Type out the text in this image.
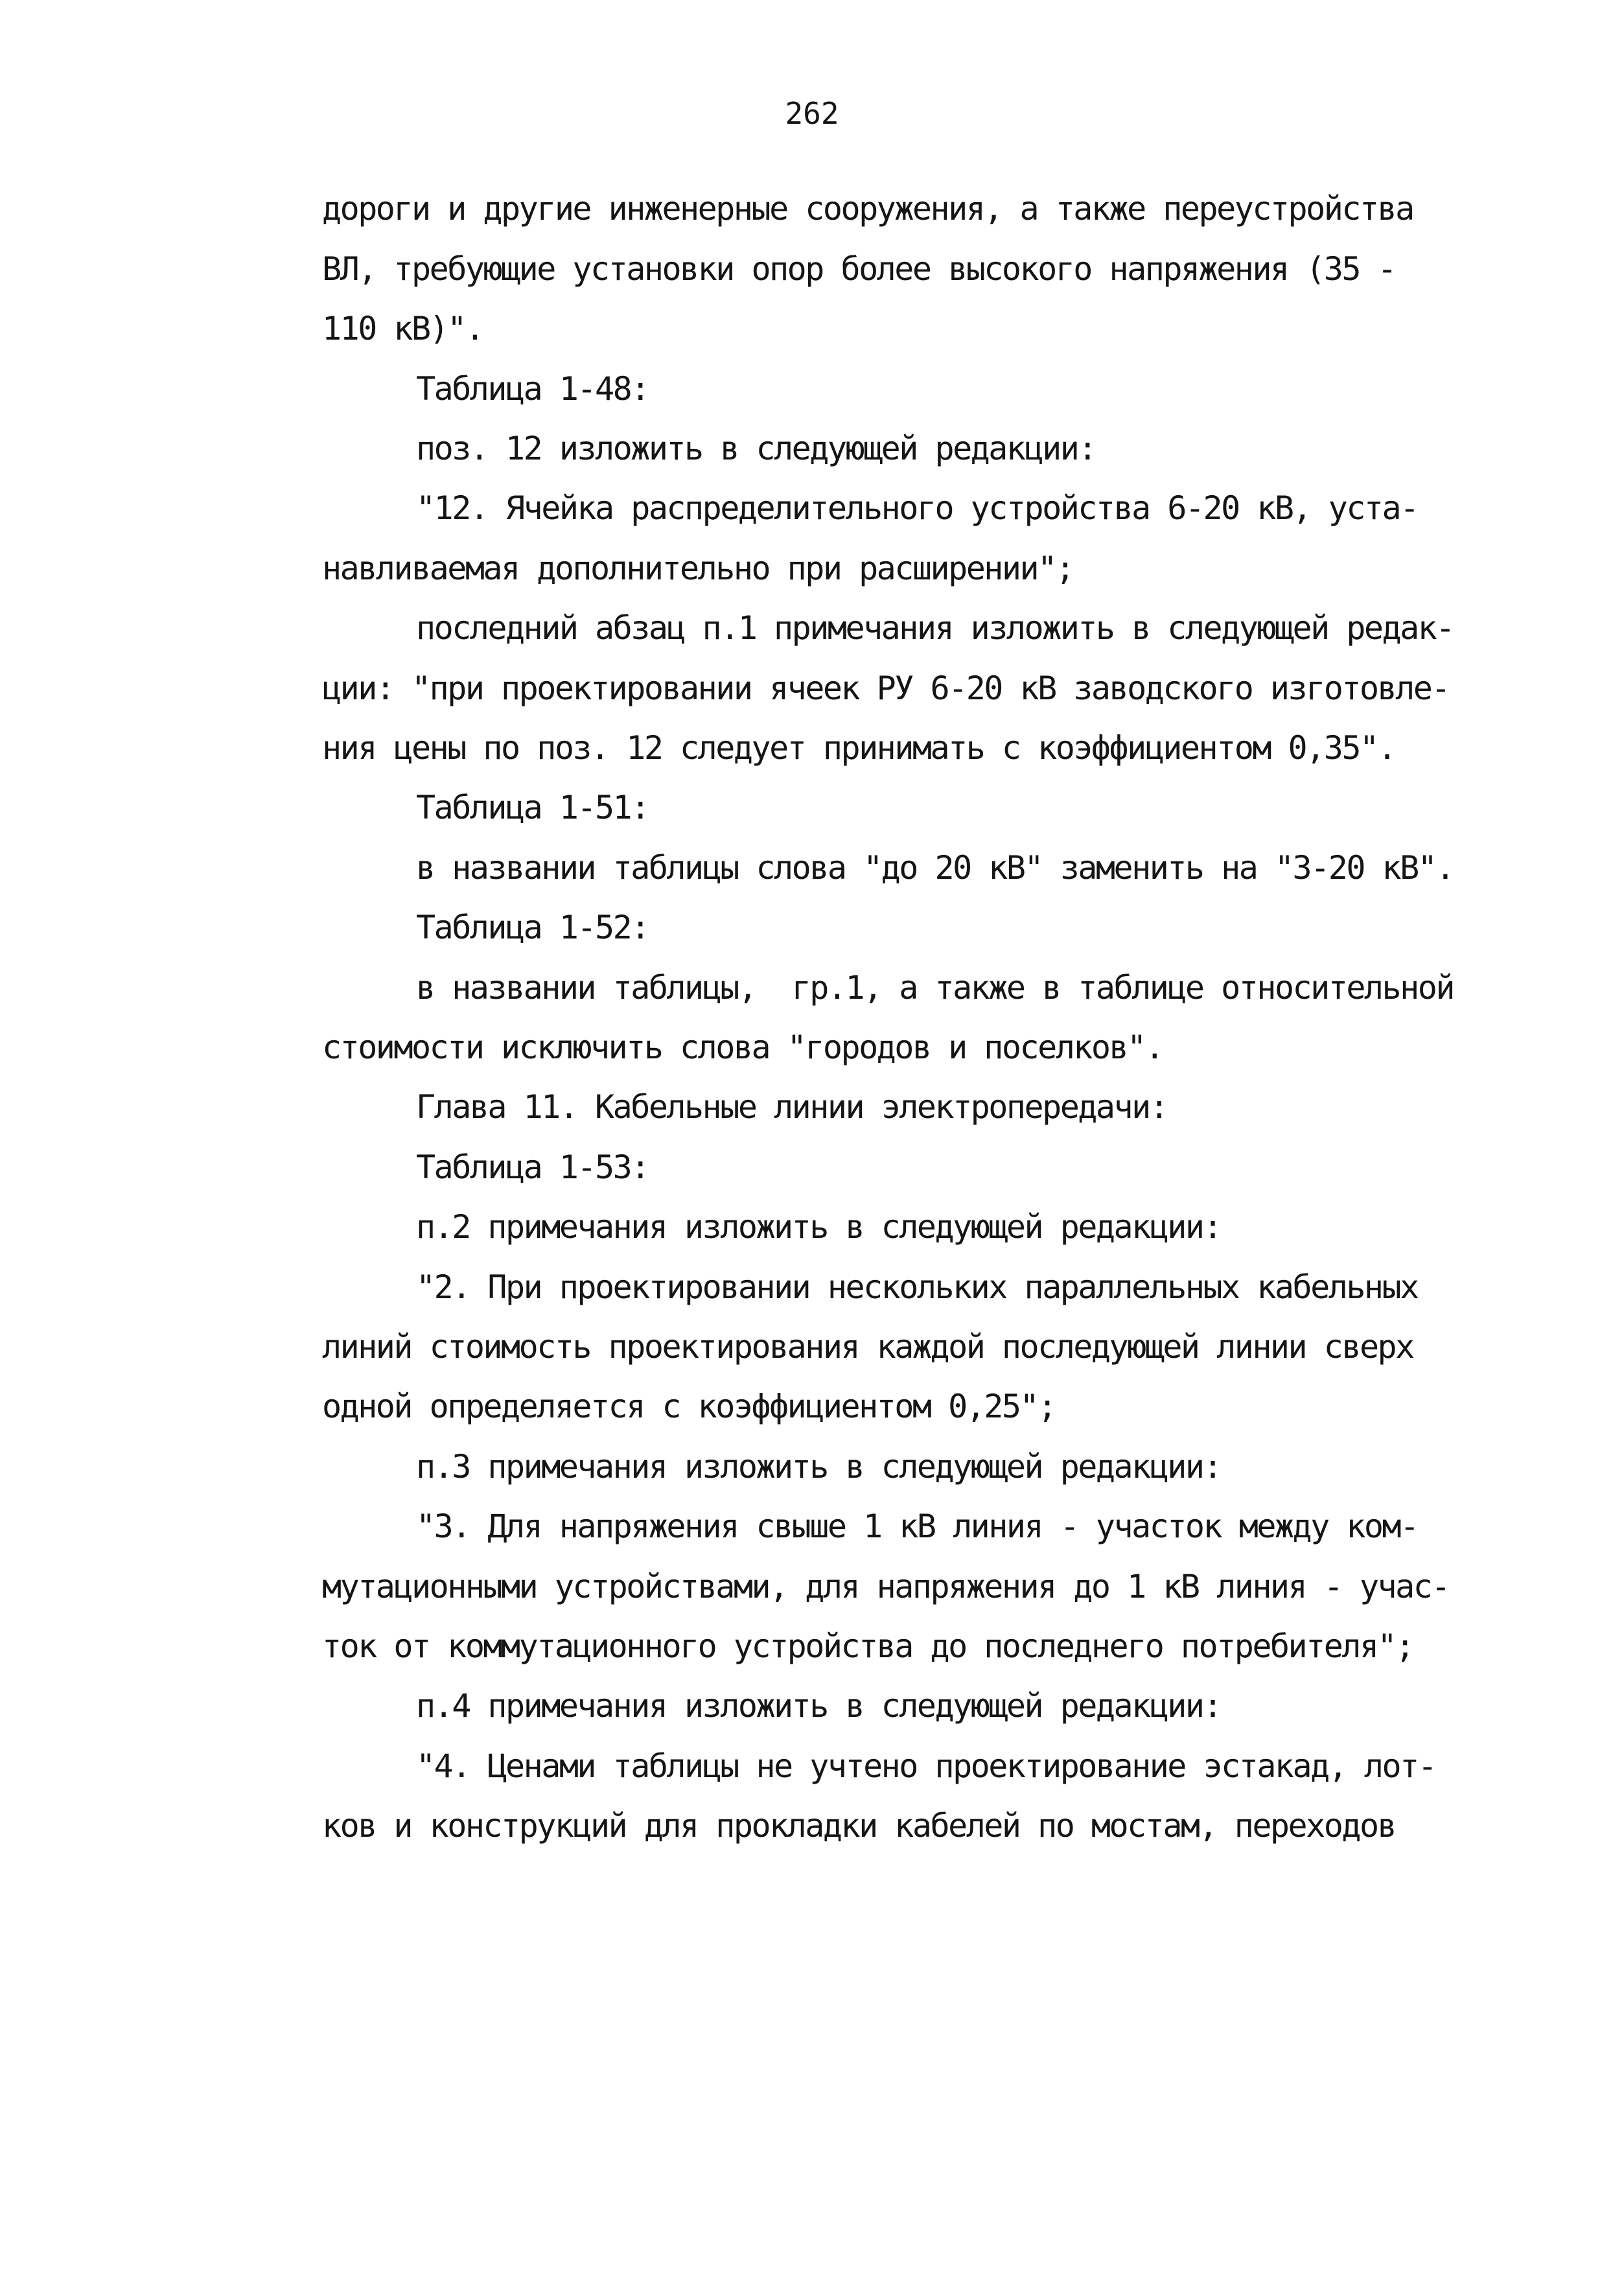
262
дороги и другие инженерные сооружения, а также переустройства
ВЛ, требующие установки опор более высокого напряжения (35 -
110 кВ)".
Таблица 1-48:
поз. 12 изложить в следующей редакции:
"12. Ячейка распределительного устройства 6-20 кВ, уста-
навливаемая дополнительно при расширении";
последний абзац п.1 примечания изложить в следующей редак-
ции: "при проектировании ячеек РУ 6-20 кВ заводского изготовле-
ния цены по поз. 12 следует принимать с коэффициентом 0,35".
Таблица 1-51:
в названии таблицы слова "до 20 кВ" заменить на "3-20 кВ".
Таблица 1-52:
в названии таблицы,  гр.1, а также в таблице относительной
стоимости исключить слова "городов и поселков".
Глава 11. Кабельные линии электропередачи:
Таблица 1-53:
п.2 примечания изложить в следующей редакции:
"2. При проектировании нескольких параллельных кабельных
линий стоимость проектирования каждой последующей линии сверх
одной определяется с коэффициентом 0,25";
п.3 примечания изложить в следующей редакции:
"3. Для напряжения свыше 1 кВ линия - участок между ком-
мутационными устройствами, для напряжения до 1 кВ линия - учас-
ток от коммутационного устройства до последнего потребителя";
п.4 примечания изложить в следующей редакции:
"4. Ценами таблицы не учтено проектирование эстакад, лот-
ков и конструкций для прокладки кабелей по мостам, переходов
